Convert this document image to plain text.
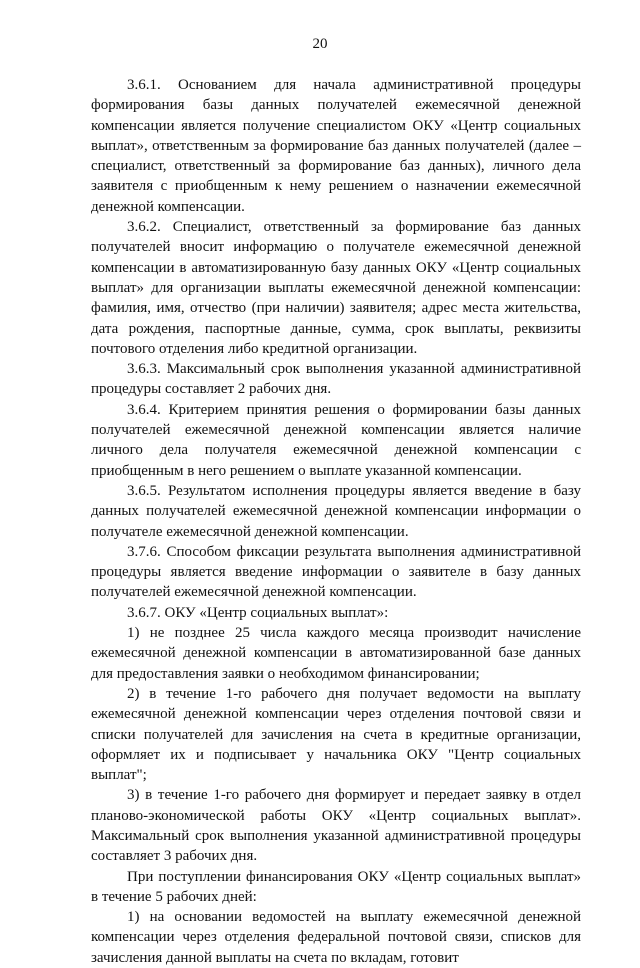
20

3.6.1. Основанием для начала административной процедуры формирования базы данных получателей ежемесячной денежной компенсации является получение специалистом ОКУ «Центр социальных выплат», ответственным за формирование баз данных получателей (далее – специалист, ответственный за формирование баз данных), личного дела заявителя с приобщенным к нему решением о назначении ежемесячной денежной компенсации.

3.6.2. Специалист, ответственный за формирование баз данных получателей вносит информацию о получателе ежемесячной денежной компенсации в автоматизированную базу данных ОКУ «Центр социальных выплат» для организации выплаты ежемесячной денежной компенсации: фамилия, имя, отчество (при наличии) заявителя; адрес места жительства, дата рождения, паспортные данные, сумма, срок выплаты, реквизиты почтового отделения либо кредитной организации.

3.6.3. Максимальный срок выполнения указанной административной процедуры составляет 2 рабочих дня.

3.6.4. Критерием принятия решения о формировании базы данных получателей ежемесячной денежной компенсации является наличие личного дела получателя ежемесячной денежной компенсации с приобщенным в него решением о выплате указанной компенсации.

3.6.5. Результатом исполнения процедуры является введение в базу данных получателей ежемесячной денежной компенсации информации о получателе ежемесячной денежной компенсации.

3.7.6. Способом фиксации результата выполнения административной процедуры является введение информации о заявителе в базу данных получателей ежемесячной денежной компенсации.

3.6.7. ОКУ «Центр социальных выплат»:

1) не позднее 25 числа каждого месяца производит начисление ежемесячной денежной компенсации в автоматизированной базе данных для предоставления заявки о необходимом финансировании;

2) в течение 1-го рабочего дня получает ведомости на выплату ежемесячной денежной компенсации через отделения почтовой связи и списки получателей для зачисления на счета в кредитные организации, оформляет их и подписывает у начальника ОКУ "Центр социальных выплат";

3) в течение 1-го рабочего дня формирует и передает заявку в отдел планово-экономической работы ОКУ «Центр социальных выплат». Максимальный срок выполнения указанной административной процедуры составляет 3 рабочих дня.

При поступлении финансирования ОКУ «Центр социальных выплат» в течение 5 рабочих дней:

1) на основании ведомостей на выплату ежемесячной денежной компенсации через отделения федеральной почтовой связи, списков для зачисления данной выплаты на счета по вкладам, готовит
